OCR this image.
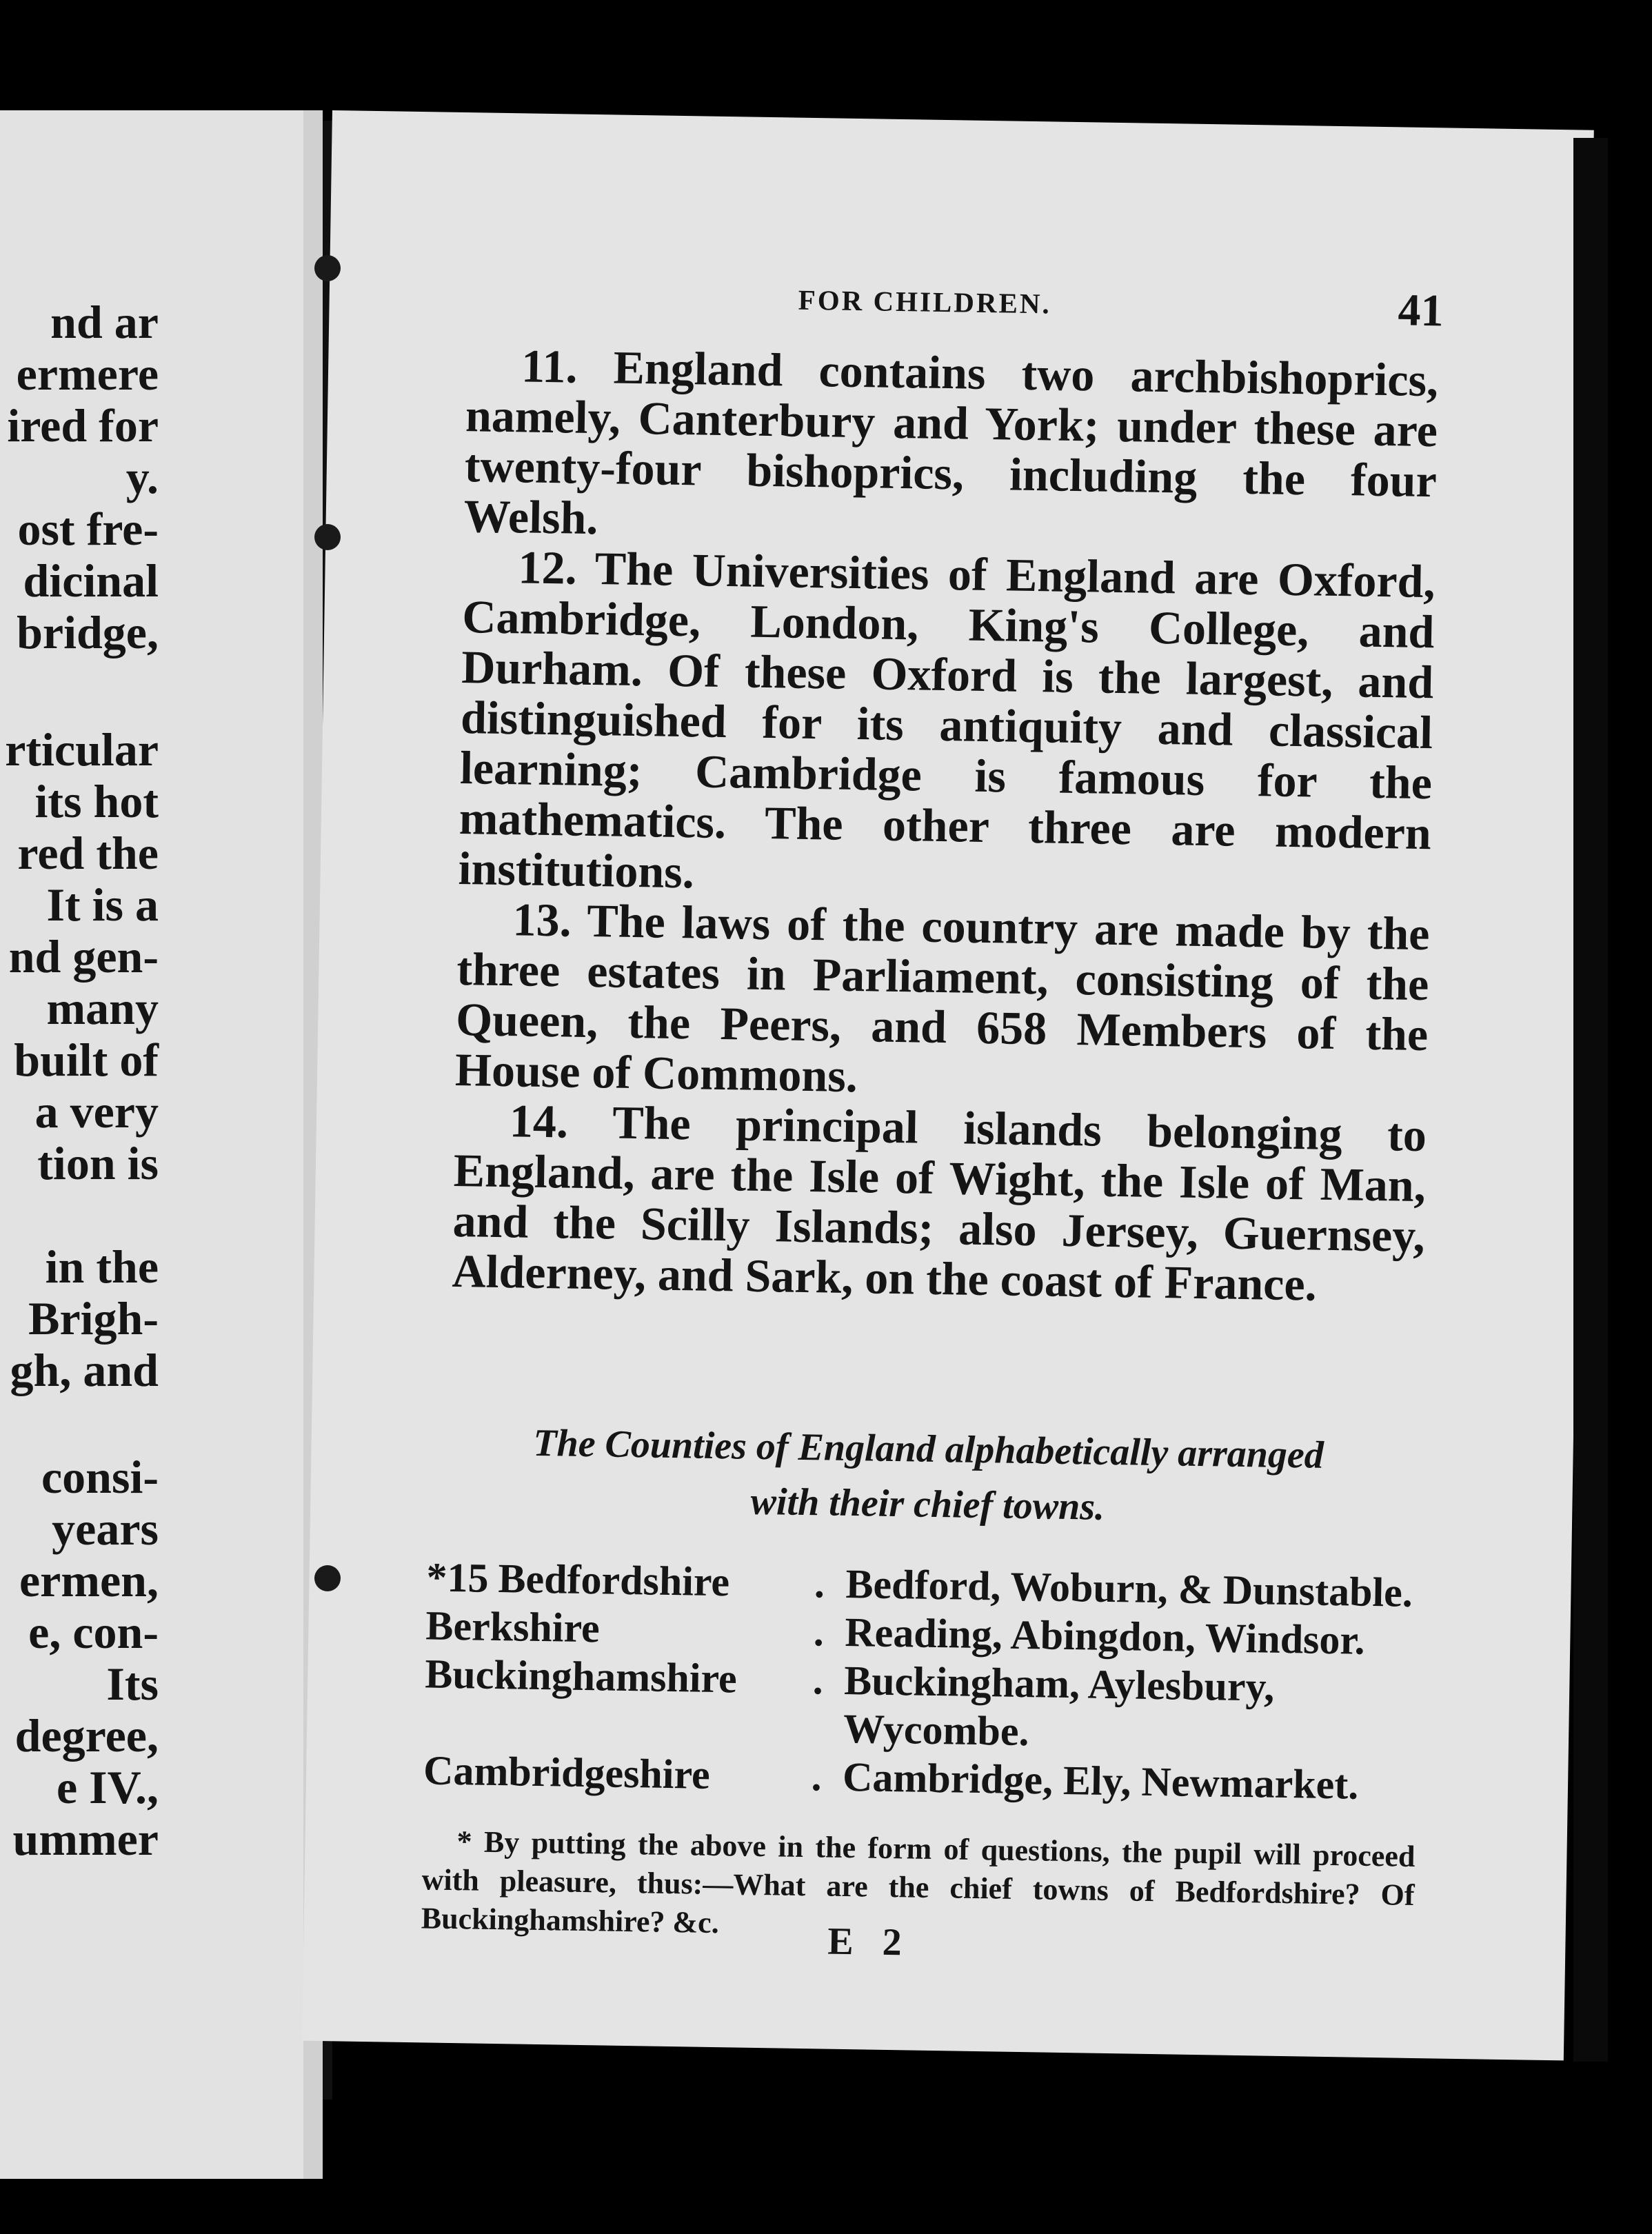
nd ar

ermere

ired for

y.

ost fre-

dicinal

bridge,

rticular

its hot

red the

It is a

nd gen-

many

built of

a very

tion is

in the

Brigh-

gh, and

consi-

years

ermen,

e, con-

Its

degree,

e IV.,

ummer

FOR CHILDREN.	41

11. England contains two archbishoprics, namely, Canterbury and York; under these are twenty-four bishoprics, including the four Welsh.

12. The Universities of England are Oxford, Cambridge, London, King's College, and Durham. Of these Oxford is the largest, and distinguished for its antiquity and classical learning; Cambridge is famous for the mathematics. The other three are modern institutions.

13. The laws of the country are made by the three estates in Parliament, consisting of the Queen, the Peers, and 658 Members of the House of Commons.

14. The principal islands belonging to England, are the Isle of Wight, the Isle of Man, and the Scilly Islands; also Jersey, Guernsey, Alderney, and Sark, on the coast of France.

The Counties of England alphabetically arranged
with their chief towns.
*15 Bedfordshire	.	Bedford, Woburn, & Dunstable.
Berkshire	.	Reading, Abingdon, Windsor.
Buckinghamshire	.	Buckingham, Aylesbury, Wycombe.
Cambridgeshire	.	Cambridge, Ely, Newmarket.
* By putting the above in the form of questions, the pupil will proceed with pleasure, thus:—What are the chief towns of Bedfordshire? Of Buckinghamshire? &c.	E 2
